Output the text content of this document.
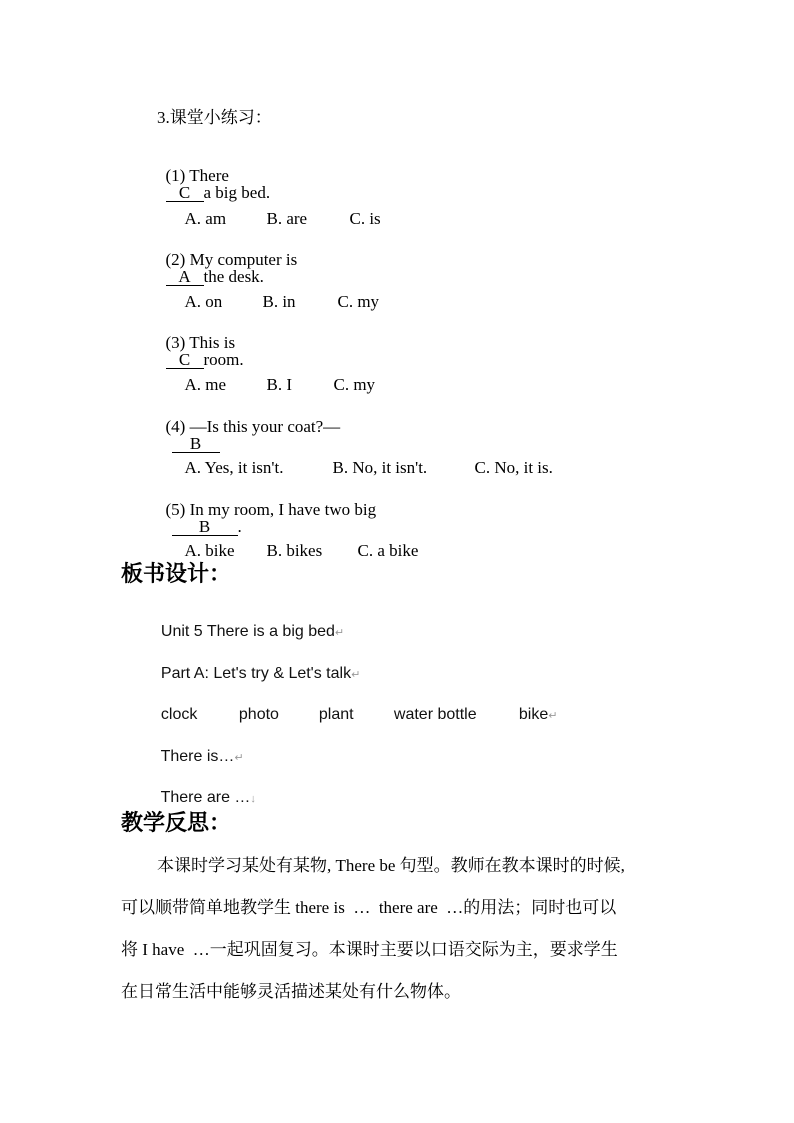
3.课堂小练习：

(1) There
C a big bed.

A. am B. are C. is

(2) My computer is
A the desk.

A. on B. in C. my

(3) This is
C room.

A. me B. I C. my

(4) —Is this your coat?—
B

A. Yes, it isn't.	B. No, it isn't.	C. No, it is.

(5) In my room, I have two big
B .

A. bike B. bikes C. a bike

板书设计：

Unit 5 There is a big bed↵

Part A: Let's try & Let's talk↵

clock	photo plant	water bottle	bike↵

There is…↵

There are …↓

教学反思：
本课时学习某处有某物, There be 句型。教师在教本课时的时候,
可以顺带简单地教学生 there is  …  there are  …的用法；同时也可以
将 I have  …一起巩固复习。本课时主要以口语交际为主，要求学生
在日常生活中能够灵活描述某处有什么物体。
